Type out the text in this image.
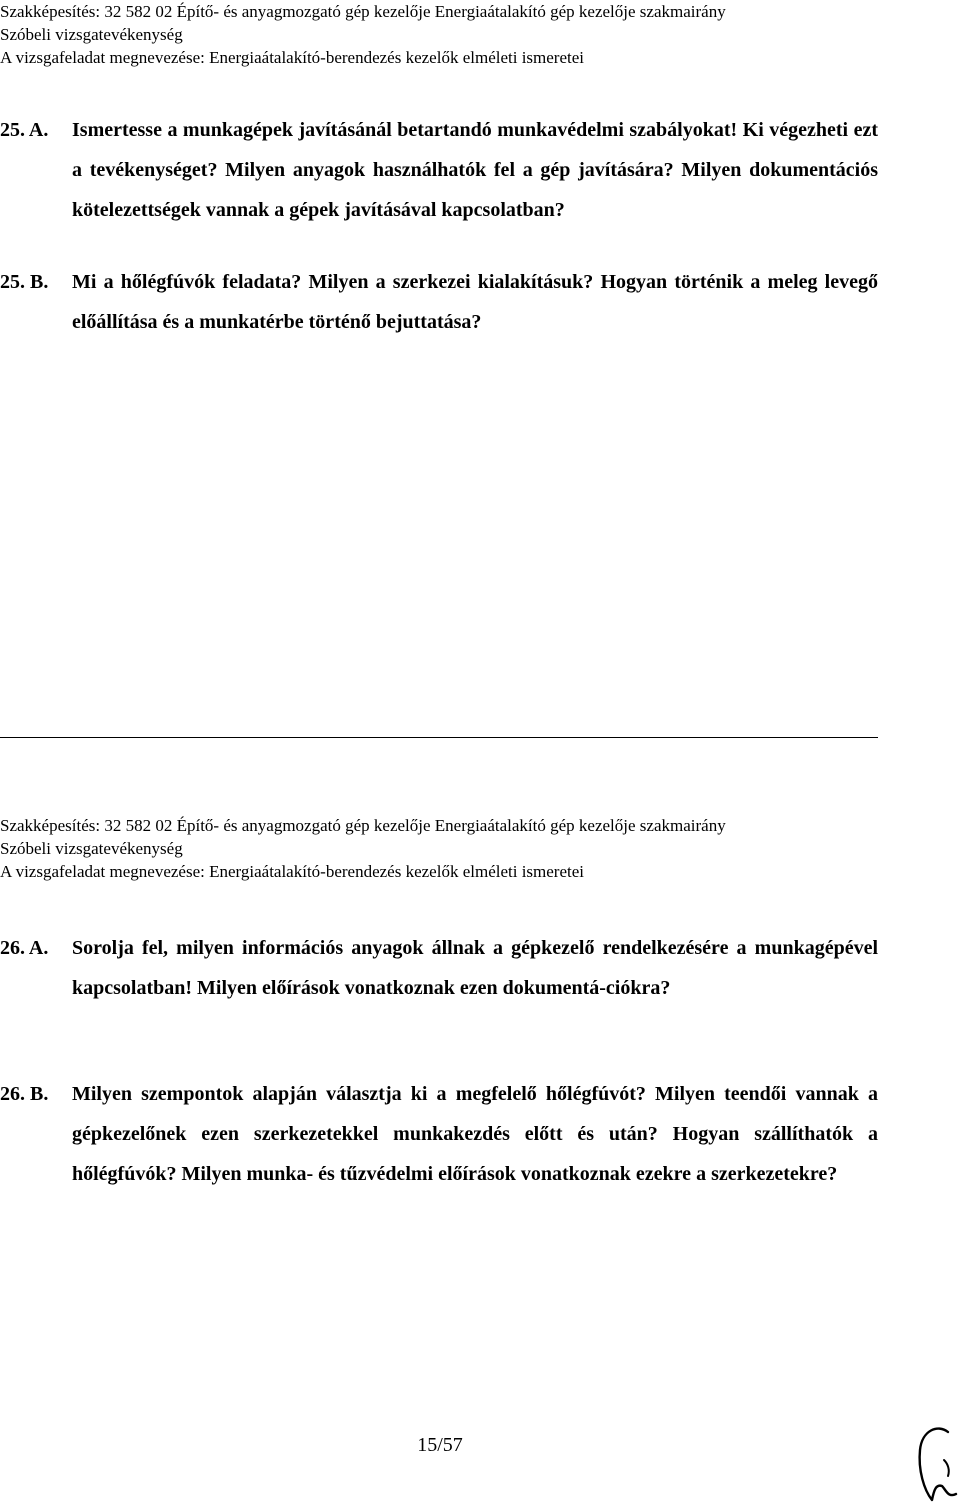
Szakképesítés: 32 582 02 Építő- és anyagmozgató gép kezelője Energiaátalakító gép kezelője szakmairány
Szóbeli vizsgatevékenység
A vizsgafeladat megnevezése: Energiaátalakító-berendezés kezelők elméleti ismeretei
25. A. Ismertesse a munkagépek javításánál betartandó munkavédelmi szabályokat! Ki végezheti ezt a tevékenységet? Milyen anyagok használhatók fel a gép javítására? Milyen dokumentációs kötelezettségek vannak a gépek javításával kapcsolatban?
25. B. Mi a hőlégfúvók feladata? Milyen a szerkezei kialakításuk? Hogyan történik a meleg levegő előállítása és a munkatérbe történő bejuttatása?
Szakképesítés: 32 582 02 Építő- és anyagmozgató gép kezelője Energiaátalakító gép kezelője szakmairány
Szóbeli vizsgatevékenység
A vizsgafeladat megnevezése: Energiaátalakító-berendezés kezelők elméleti ismeretei
26. A. Sorolja fel, milyen információs anyagok állnak a gépkezelő rendelkezésére a munkagépével kapcsolatban! Milyen előírások vonatkoznak ezen dokumentá-ciókra?
26. B. Milyen szempontok alapján választja ki a megfelelő hőlégfúvót? Milyen teendői vannak a gépkezelőnek ezen szerkezetekkel munkakezdés előtt és után? Hogyan szállíthatók a hőlégfúvók? Milyen munka- és tűzvédelmi előírások vonatkoznak ezekre a szerkezetekre?
15/57
